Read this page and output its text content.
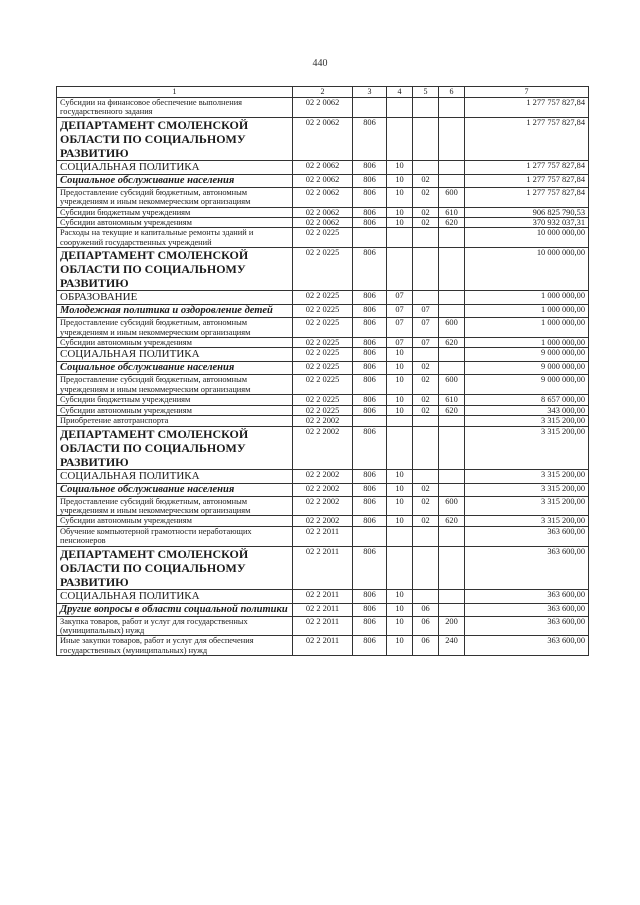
440
1	2	3	4	5	6	7
Субсидии на финансовое обеспечение выполнения государственного задания	02 2 0062					1 277 757 827,84
ДЕПАРТАМЕНТ СМОЛЕНСКОЙ ОБЛАСТИ ПО СОЦИАЛЬНОМУ РАЗВИТИЮ	02 2 0062	806				1 277 757 827,84
СОЦИАЛЬНАЯ ПОЛИТИКА	02 2 0062	806	10			1 277 757 827,84
Социальное обслуживание населения	02 2 0062	806	10	02		1 277 757 827,84
Предоставление субсидий бюджетным, автономным учреждениям и иным некоммерческим организациям	02 2 0062	806	10	02	600	1 277 757 827,84
Субсидии бюджетным учреждениям	02 2 0062	806	10	02	610	906 825 790,53
Субсидии автономным учреждениям	02 2 0062	806	10	02	620	370 932 037,31
Расходы на текущие и капитальные ремонты зданий и сооружений государственных учреждений	02 2 0225					10 000 000,00
ДЕПАРТАМЕНТ СМОЛЕНСКОЙ ОБЛАСТИ ПО СОЦИАЛЬНОМУ РАЗВИТИЮ	02 2 0225	806				10 000 000,00
ОБРАЗОВАНИЕ	02 2 0225	806	07			1 000 000,00
Молодежная политика и оздоровление детей	02 2 0225	806	07	07		1 000 000,00
Предоставление субсидий бюджетным, автономным учреждениям и иным некоммерческим организациям	02 2 0225	806	07	07	600	1 000 000,00
Субсидии автономным учреждениям	02 2 0225	806	07	07	620	1 000 000,00
СОЦИАЛЬНАЯ ПОЛИТИКА	02 2 0225	806	10			9 000 000,00
Социальное обслуживание населения	02 2 0225	806	10	02		9 000 000,00
Предоставление субсидий бюджетным, автономным учреждениям и иным некоммерческим организациям	02 2 0225	806	10	02	600	9 000 000,00
Субсидии бюджетным учреждениям	02 2 0225	806	10	02	610	8 657 000,00
Субсидии автономным учреждениям	02 2 0225	806	10	02	620	343 000,00
Приобретение автотранспорта	02 2 2002					3 315 200,00
ДЕПАРТАМЕНТ СМОЛЕНСКОЙ ОБЛАСТИ ПО СОЦИАЛЬНОМУ РАЗВИТИЮ	02 2 2002	806				3 315 200,00
СОЦИАЛЬНАЯ ПОЛИТИКА	02 2 2002	806	10			3 315 200,00
Социальное обслуживание населения	02 2 2002	806	10	02		3 315 200,00
Предоставление субсидий бюджетным, автономным учреждениям и иным некоммерческим организациям	02 2 2002	806	10	02	600	3 315 200,00
Субсидии автономным учреждениям	02 2 2002	806	10	02	620	3 315 200,00
Обучение компьютерной грамотности неработающих пенсионеров	02 2 2011					363 600,00
ДЕПАРТАМЕНТ СМОЛЕНСКОЙ ОБЛАСТИ ПО СОЦИАЛЬНОМУ РАЗВИТИЮ	02 2 2011	806				363 600,00
СОЦИАЛЬНАЯ ПОЛИТИКА	02 2 2011	806	10			363 600,00
Другие вопросы в области социальной политики	02 2 2011	806	10	06		363 600,00
Закупка товаров, работ и услуг для государственных (муниципальных) нужд	02 2 2011	806	10	06	200	363 600,00
Иные закупки товаров, работ и услуг для обеспечения государственных (муниципальных) нужд	02 2 2011	806	10	06	240	363 600,00
